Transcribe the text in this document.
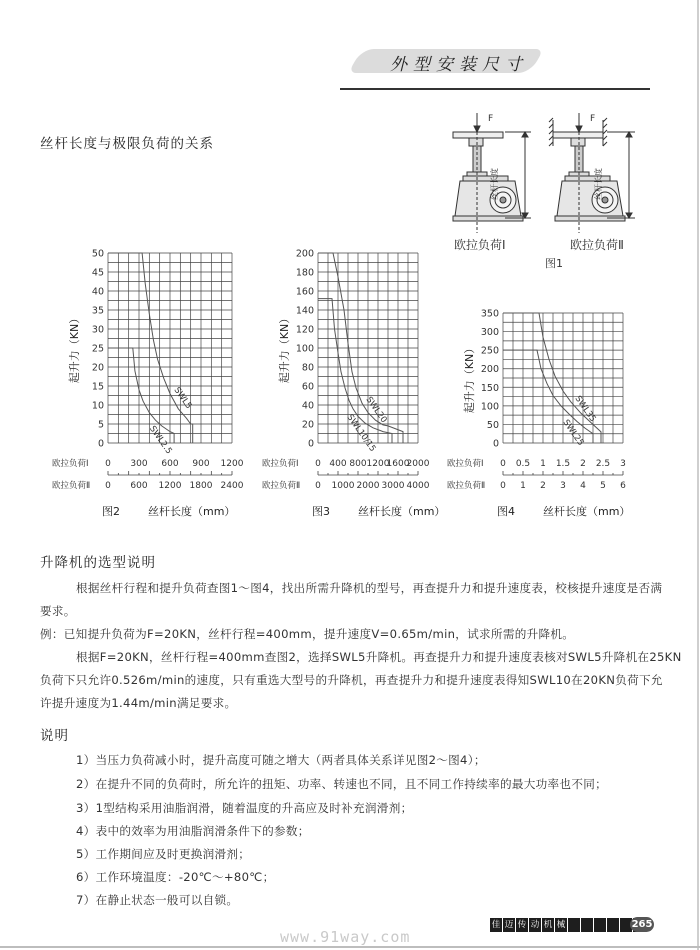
外型安装尺寸
丝杆长度与极限负荷的关系
F	F
丝杆长度	丝杆长度
欧拉负荷Ⅰ	欧拉负荷Ⅱ
图1
0
5
10
15
20
25
30
35
40
45
50
起升力（KN）
SWL5
SWL2.5
欧拉负荷Ⅰ
欧拉负荷Ⅱ
0 300 600 900 1200
0 600 1200 1800 2400
图2	丝杆长度（mm）
0
20
40
60
80
100
120
140
160
180
200
起升力（KN）
SWL20
SWL10/15
欧拉负荷Ⅰ
欧拉负荷Ⅱ
0 400 800 1200
1600
2000
0 1000 2000 3000 4000
图3	丝杆长度（mm）
0
50
100
150
200
250
300
350
起升力（KN）	SWL35
SWL25
欧拉负荷Ⅰ
欧拉负荷Ⅱ
0 0.5 1 1.5 2 2.5 3
0 1 2 3 4 5 6
图4	丝杆长度（mm）
升降机的选型说明
根据丝杆行程和提升负荷查图1～图4，找出所需升降机的型号，再查提升力和提升速度表，校核提升速度是否满
要求。
例：已知提升负荷为F=20KN，丝杆行程=400mm，提升速度V=0.65m/min，试求所需的升降机。
根据F=20KN，丝杆行程=400mm查图2，选择SWL5升降机。再查提升力和提升速度表核对SWL5升降机在25KN
负荷下只允许0.526m/min的速度，只有重选大型号的升降机，再查提升力和提升速度表得知SWL10在20KN负荷下允
许提升速度为1.44m/min满足要求。
说明
1）当压力负荷减小时，提升高度可随之增大（两者具体关系详见图2～图4）；
2）在提升不同的负荷时，所允许的扭矩、功率、转速也不同，且不同工作持续率的最大功率也不同；
3）1型结构采用油脂润滑，随着温度的升高应及时补充润滑剂；
4）表中的效率为用油脂润滑条件下的参数；
5）工作期间应及时更换润滑剂；
6）工作环境温度：-20℃～+80℃；
7）在静止状态一般可以自锁。
佳 迈 传 动 机 械	265
www.91way.com
